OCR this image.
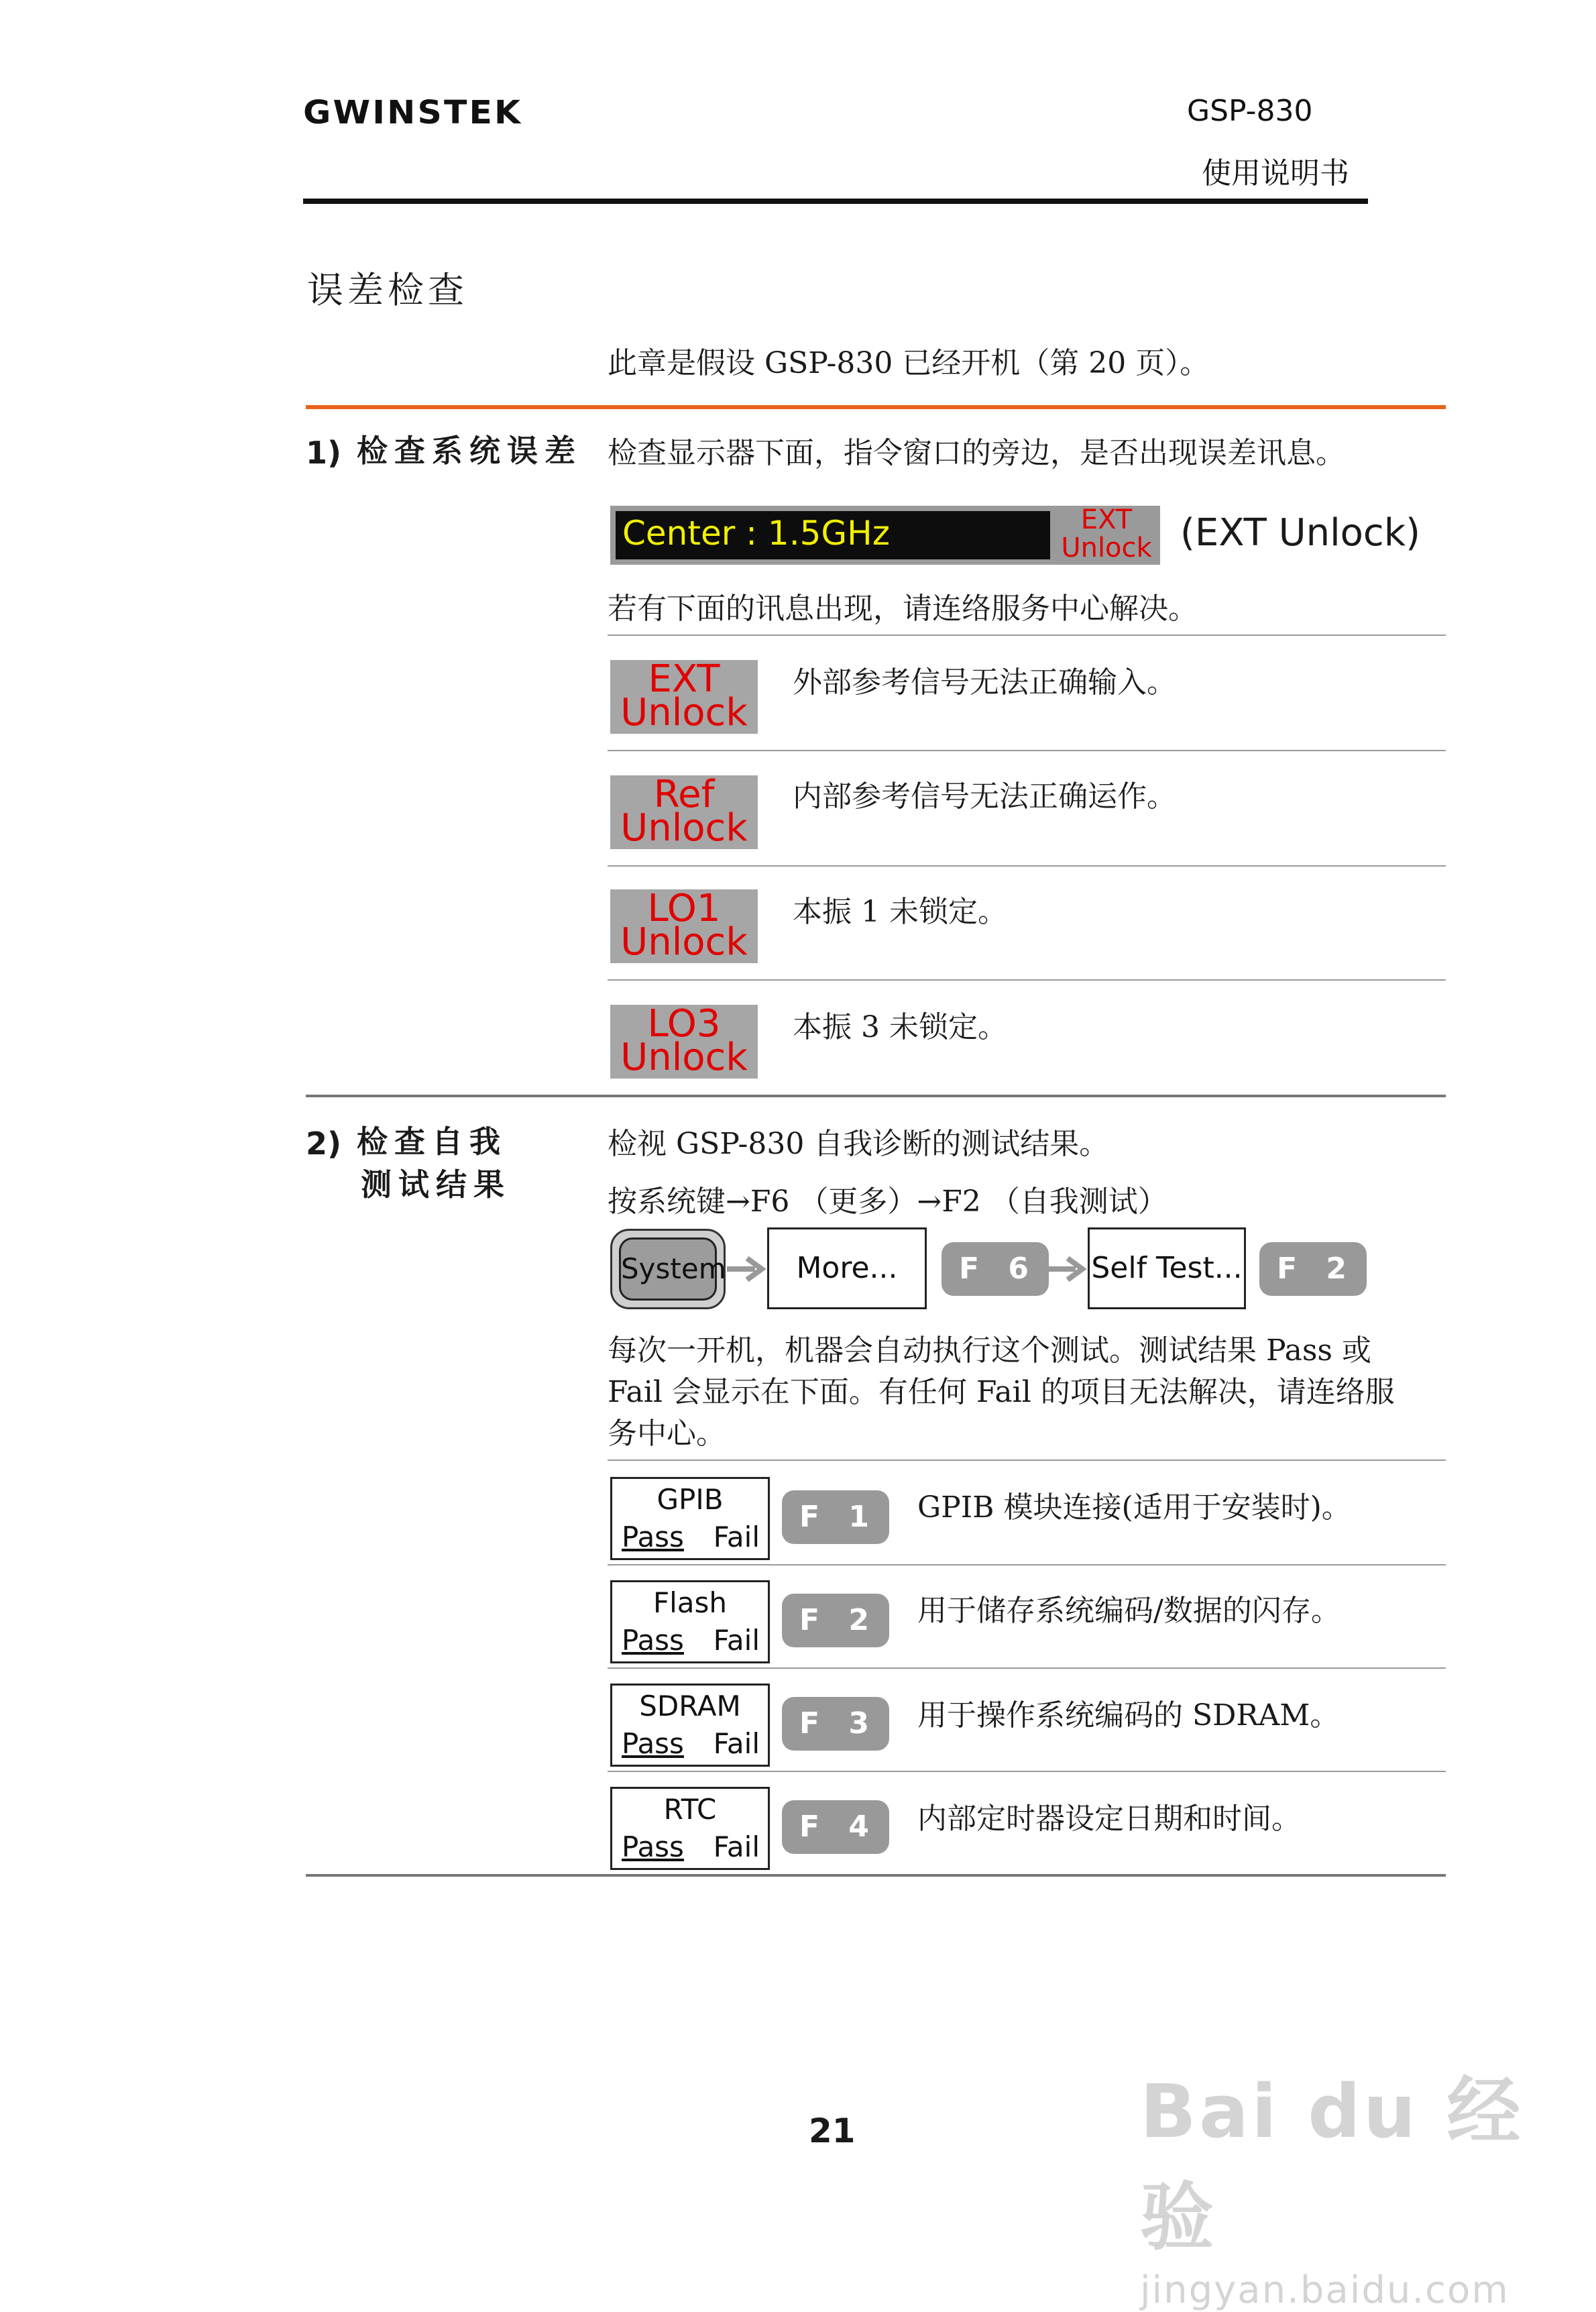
GWINSTEK	GSP-830
使用说明书
误差检查
此章是假设 GSP-830 已经开机（第 20 页）。
1) 检查系统误差 检查显示器下面，指令窗口的旁边，是否出现误差讯息。
Center : 1.5GHz	EXT
Unlock (EXT Unlock)
若有下面的讯息出现，请连络服务中心解决。
EXT
Unlock
外部参考信号无法正确输入。
Ref
Unlock
内部参考信号无法正确运作。
LO1
Unlock
本振 1 未锁定。
LO3
Unlock
本振 3 未锁定。
2) 检查自我
测试结果
检视 GSP-830 自我诊断的测试结果。
按系统键→F6 （更多）→F2 （自我测试）
System	More...	F 6	Self Test...	F 2
每次一开机，机器会自动执行这个测试。测试结果 Pass 或
Fail 会显示在下面。有任何 Fail 的项目无法解决，请连络服
务中心。
GPIB
Pass Fail
F 1	GPIB 模块连接(适用于安装时)。
Flash
Pass Fail
F 2	用于储存系统编码/数据的闪存。
SDRAM
Pass Fail
F 3	用于操作系统编码的 SDRAM。
RTC
Pass Fail
F 4	内部定时器设定日期和时间。
21	Bai du 经验
jingyan.baidu.com
